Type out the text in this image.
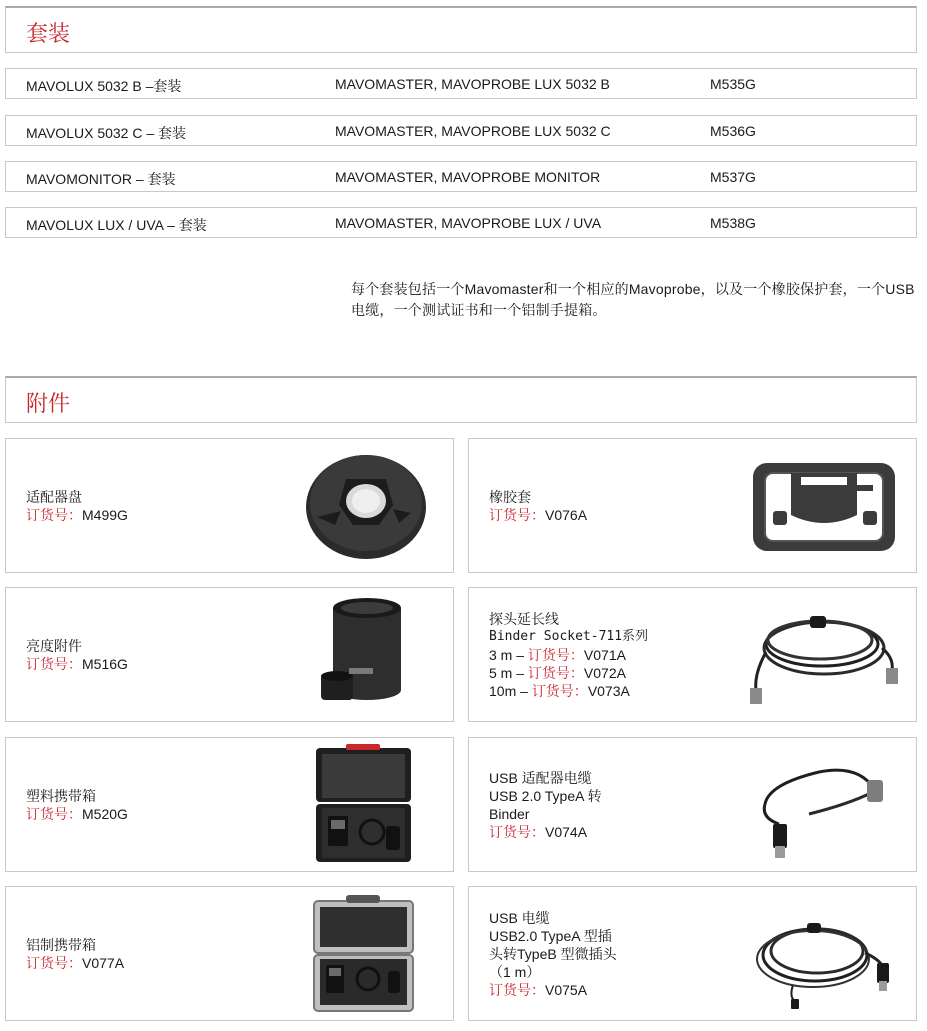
套装
MAVOLUX 5032 B –套装	MAVOMASTER, MAVOPROBE LUX 5032 B	M535G
MAVOLUX 5032 C – 套装	MAVOMASTER, MAVOPROBE LUX 5032 C	M536G
MAVOMONITOR – 套装	MAVOMASTER, MAVOPROBE MONITOR	M537G
MAVOLUX LUX / UVA – 套装	MAVOMASTER, MAVOPROBE LUX / UVA	M538G
每个套装包括一个Mavomaster和一个相应的Mavoprobe，以及一个橡胶保护套，一个USB 电缆，一个测试证书和一个铝制手提箱。
附件
适配器盘
订货号：M499G
橡胶套
订货号：V076A
亮度附件
订货号：M516G
探头延长线
Binder Socket-711系列
3 m – 订货号：V071A
5 m – 订货号：V072A
10m – 订货号：V073A
塑料携带箱
订货号：M520G
USB 适配器电缆
USB 2.0 TypeA 转
Binder
订货号：V074A
铝制携带箱
订货号：V077A
USB 电缆
USB2.0 TypeA 型插
头转TypeB 型微插头
（1 m）
订货号：V075A
